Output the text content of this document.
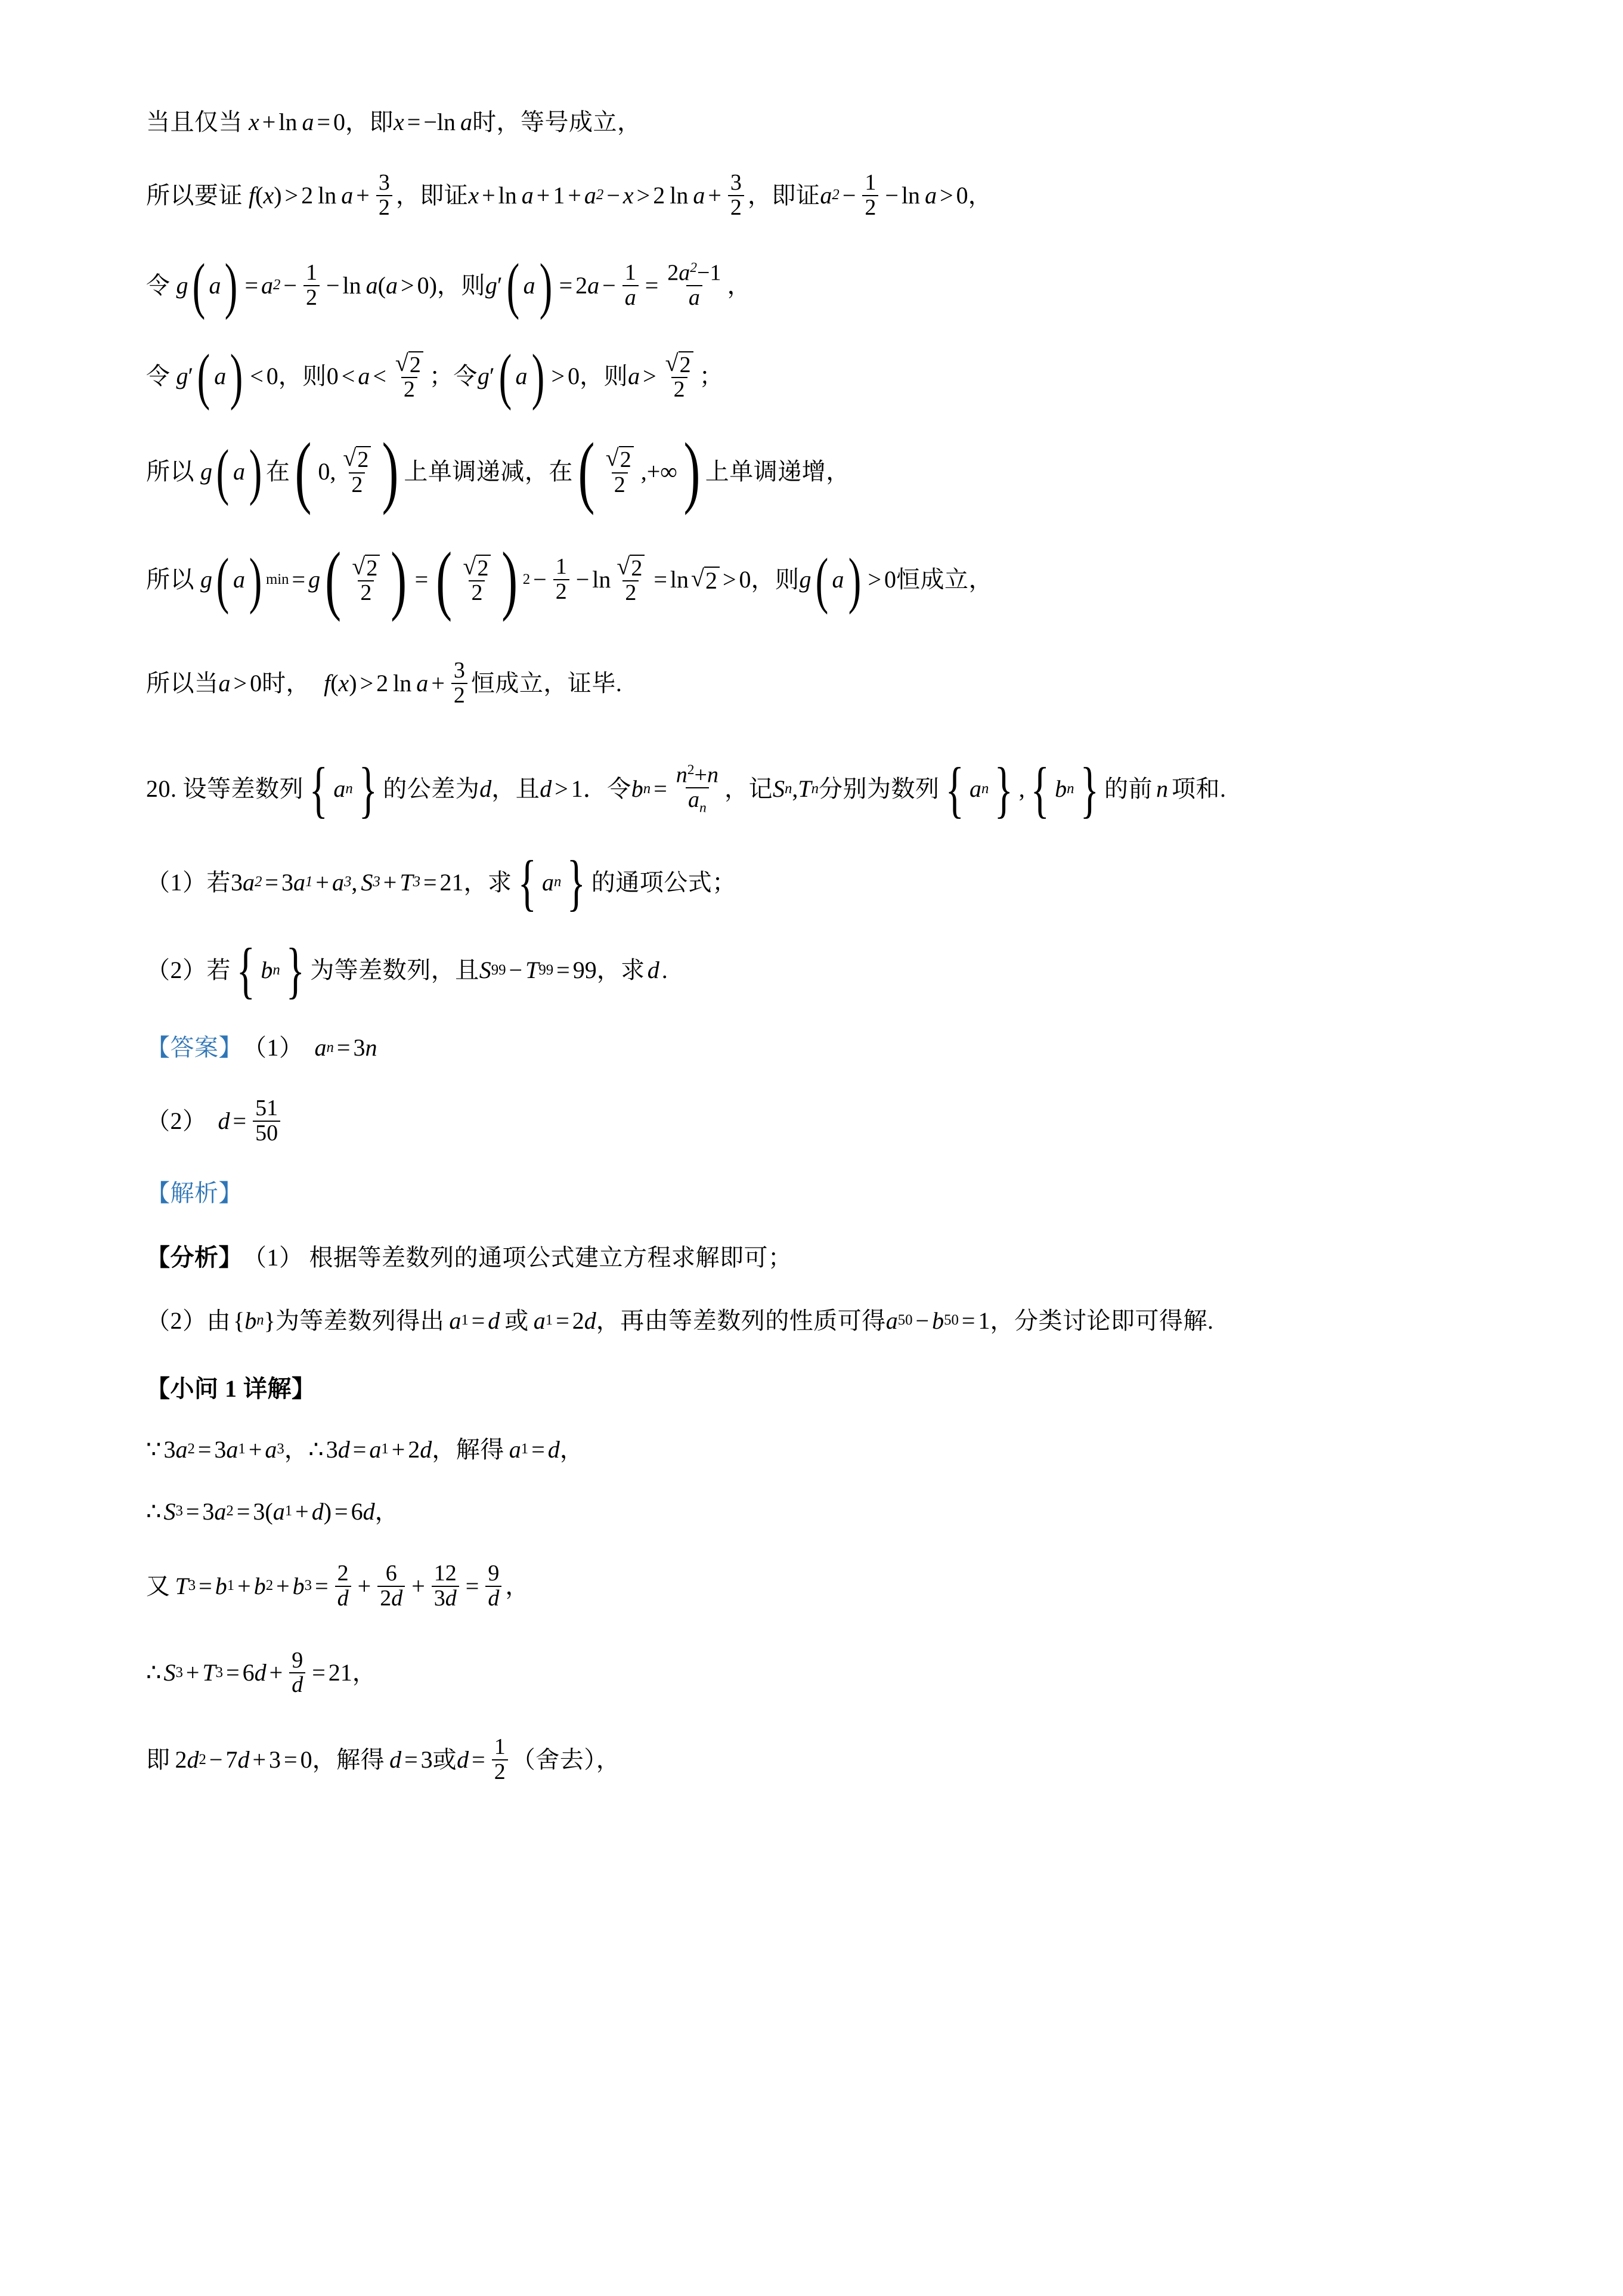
当且仅当 x + ln  a = 0 ，即 x = − ln  a 时，等号成立，
所以要证 f ( x ) > 2 $\ln a + \frac{3}{2}$ ，即证 x + ln  a + 1 + a 2 − x > 2 $\ln a + \frac{3}{2}$ ，即证 a $2 - \frac{1}{2} - \ln a > 0$ ，
令 g ( a ) = a $2 - \frac{1}{2} - \ln a$ ( a > 0 ) ，则 g ′ ( a ) = 2 $a - \frac{1}{a} = \frac{2a^2-1}{a}$ ，
令 g ′ ( a ) < 0 ，则 $0 < a < \frac{√ 2}{2}$ ； 令 g ′ ( a ) > 0 ，则 $a > \frac{√ 2}{2}$ ；
所以 g ( a ) 在 ( 0, $\frac{√ 2}{2}$ ) 上单调递减，在 ( $\frac{√ 2}{2}$ ,+∞ ) 上单调递增，
所以 g ( a ) min = g ( $\frac{√ 2}{2}$ ) = ( $\frac{√ 2}{2}$ ) $2 - \frac{1}{2} - \ln \frac{√ 2}{2} = \ln$ √ 2 > 0 ，则 g ( a ) > 0 恒成立，
所以当 a > 0 时， f ( x ) > 2 $\ln a + \frac{3}{2}$ 恒成立，证毕.
20. 设等差数列 { a n } 的公差为 d ，且 d > 1 ．令 b $n = \frac{n^2+n}{a_n}$ ，记 S n , T n 分别为数列 { a n } , { b n } 的前 n 项和.
（1） 若 3 a 2 = 3 a 1 + a 3 , S 3 + T 3 = 21 ，求 { a n } 的通项公式；
（2） 若 { b n } 为等差数列，且 S 99 − T 99 = 99 ，求 d .
【答案】 （1） a n = 3 n
（2） $d = \frac{51}{50}$
【解析】
【分析】 （1） 根据等差数列的通项公式建立方程求解即可；
（2） 由 { b n } 为等差数列得出 a 1 = d 或 a 1 = 2 d ，再由等差数列的性质可得 a 50 − b 50 = 1 ，分类讨论即可得解.
【小问 1 详解】
∵ 3 a 2 = 3 a 1 + a 3 ， ∴ 3 d = a 1 + 2 d ， 解得 a 1 = d ，
∴ S 3 = 3 a 2 = 3( a 1 + d ) = 6 d ，
又 T 3 = b 1 + b 2 + b $3 = \frac{2}{d} + \frac{6}{2d} + \frac{12}{3d} = \frac{9}{d}$ ，
∴ S 3 + T 3 = 6 $d + \frac{9}{d} = 21$ ，
即 2 d 2 − 7 d + 3 = 0 ，解得 d = 3 或 $d = \frac{1}{2}$ （舍去），
